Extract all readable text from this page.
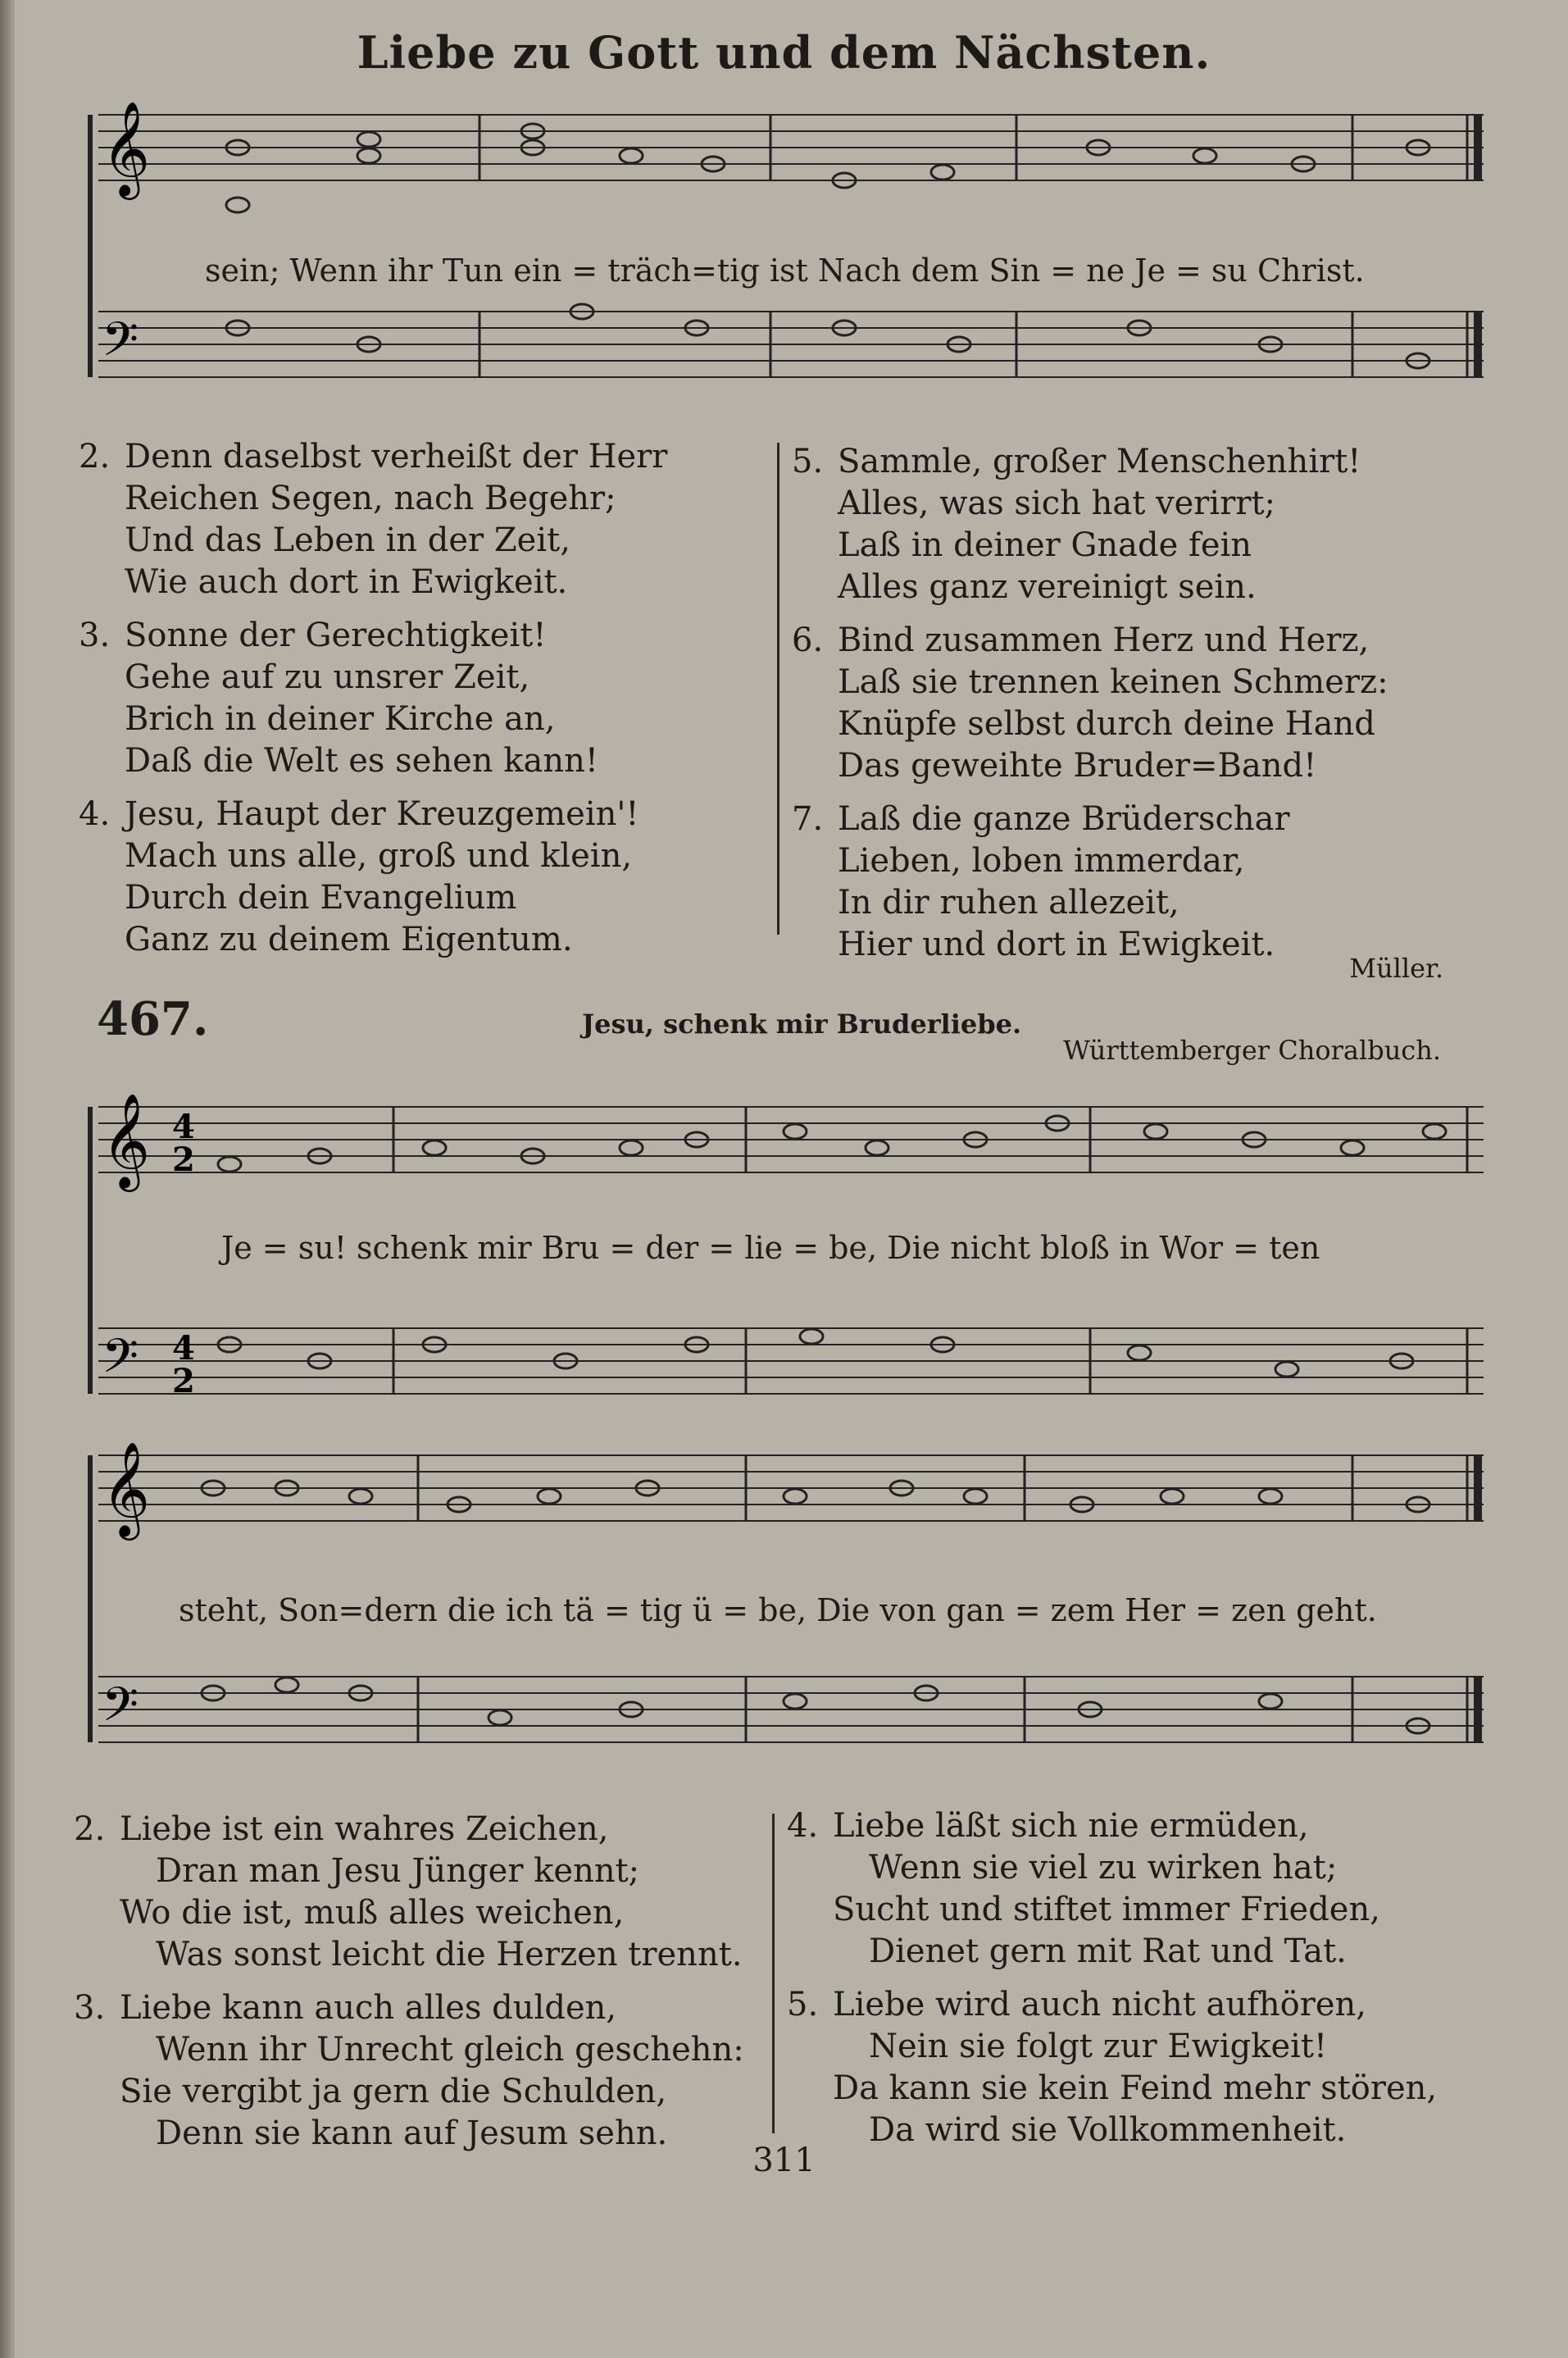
Liebe zu Gott und dem Nächsten.
𝄞
𝄢
sein; Wenn ihr Tun ein = träch=tig ist Nach dem Sin = ne Je = su Christ.
2. Denn daselbst verheißt der Herr
Reichen Segen, nach Begehr;
Und das Leben in der Zeit,
Wie auch dort in Ewigkeit.
3. Sonne der Gerechtigkeit!
Gehe auf zu unsrer Zeit,
Brich in deiner Kirche an,
Daß die Welt es sehen kann!
4. Jesu, Haupt der Kreuzgemein'!
Mach uns alle, groß und klein,
Durch dein Evangelium
Ganz zu deinem Eigentum.
5. Sammle, großer Menschenhirt!
Alles, was sich hat verirrt;
Laß in deiner Gnade fein
Alles ganz vereinigt sein.
6. Bind zusammen Herz und Herz,
Laß sie trennen keinen Schmerz:
Knüpfe selbst durch deine Hand
Das geweihte Bruder=Band!
7. Laß die ganze Brüderschar
Lieben, loben immerdar,
In dir ruhen allezeit,
Hier und dort in Ewigkeit.
Müller.
467.	Jesu, schenk mir Bruderliebe.
Württemberger Choralbuch.
𝄞
𝄢
4
2
4
2
Je = su! schenk mir Bru = der = lie = be, Die nicht bloß in Wor = ten
𝄞
𝄢
steht, Son=dern die ich tä = tig ü = be, Die von gan = zem Her = zen geht.
2. Liebe ist ein wahres Zeichen,
Dran man Jesu Jünger kennt;
Wo die ist, muß alles weichen,
Was sonst leicht die Herzen trennt.
3. Liebe kann auch alles dulden,
Wenn ihr Unrecht gleich geschehn:
Sie vergibt ja gern die Schulden,
Denn sie kann auf Jesum sehn.
4. Liebe läßt sich nie ermüden,
Wenn sie viel zu wirken hat;
Sucht und stiftet immer Frieden,
Dienet gern mit Rat und Tat.
5. Liebe wird auch nicht aufhören,
Nein sie folgt zur Ewigkeit!
Da kann sie kein Feind mehr stören,
Da wird sie Vollkommenheit.
311
